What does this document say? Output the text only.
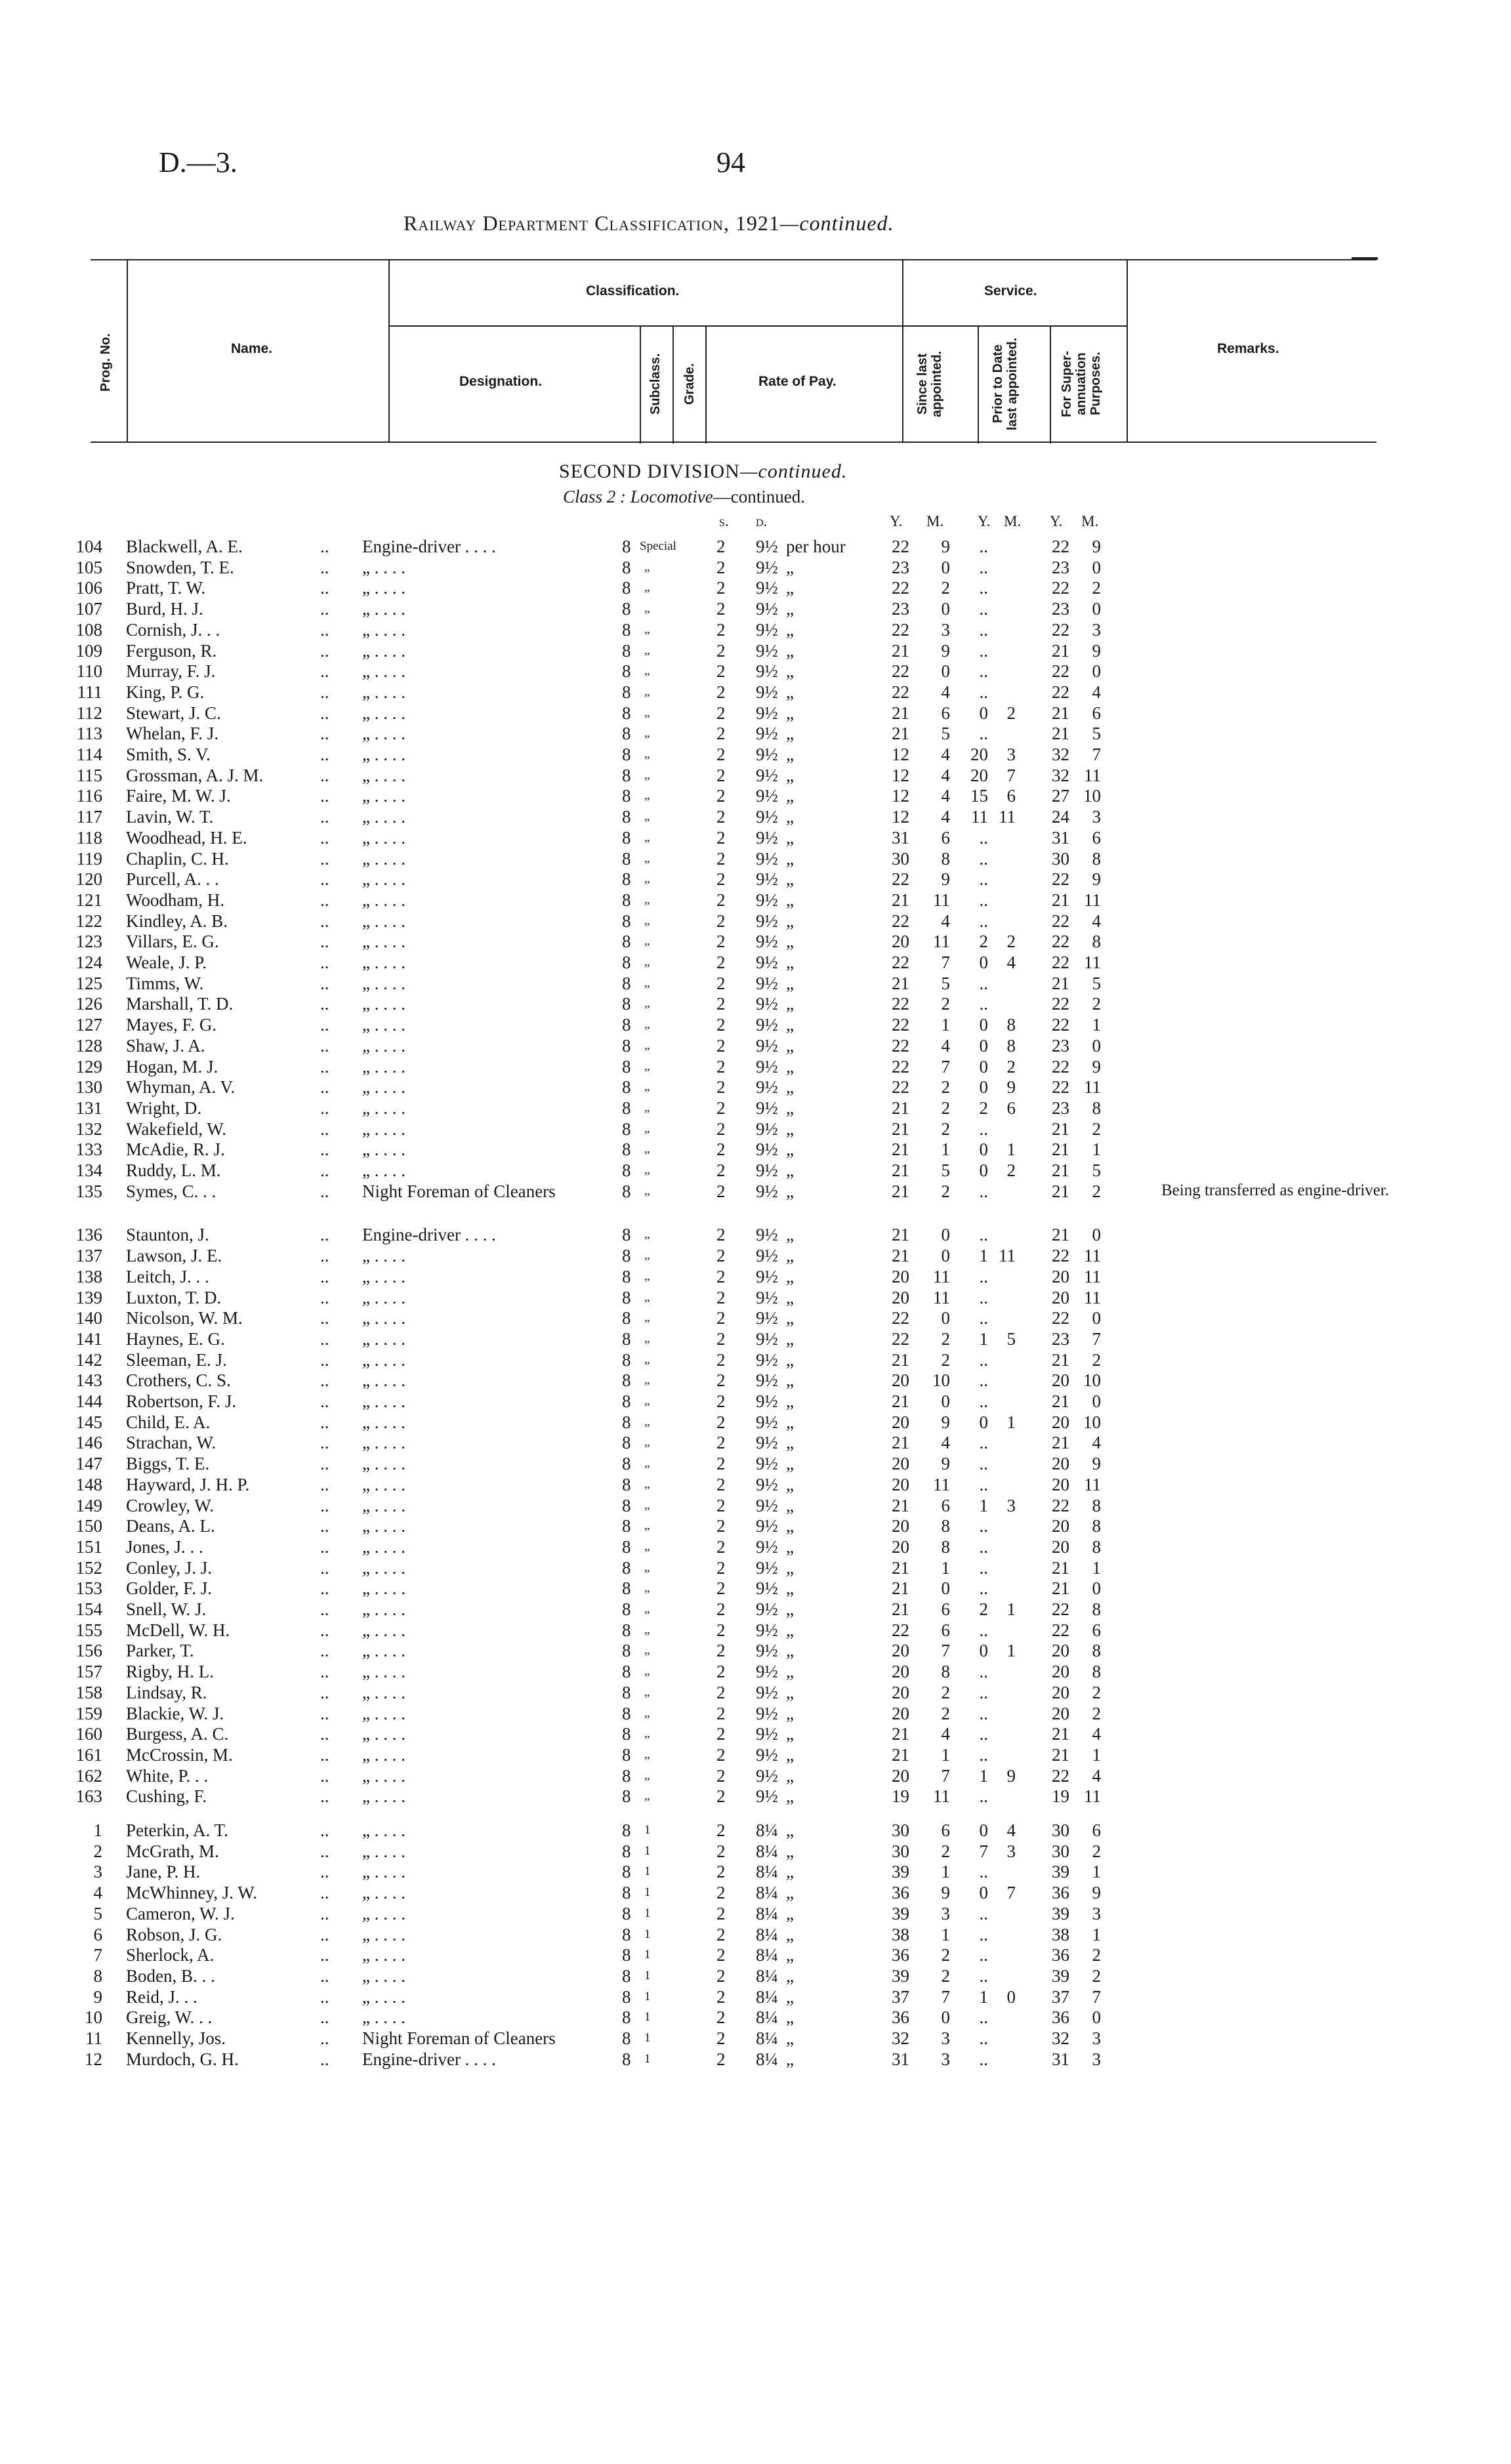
D.—3.	94
Railway Department Classification, 1921—continued.
Prog. No.	Name.
Classification.	Service.
Designation.	Subclass. Grade.	Rate of Pay.	Since last appointed.	Prior to Date last appointed.	For Super-annuation Purposes.
Remarks.
SECOND DIVISION—continued.
Class 2 : Locomotive—continued.
s. d.	Y. M. Y. M. Y. M.
104 Blackwell, A. E.	.. Engine-driver . . . .	8 Special 2 9½ per hour	22	9	..	22	9
105 Snowden, T. E.	.. „ . . . .	8 „	2 9½ „	23	0	..	23	0
106 Pratt, T. W.	.. „ . . . .	8 „	2 9½ „	22	2	..	22	2
107 Burd, H. J.	.. „ . . . .	8 „	2 9½ „	23	0	..	23	0
108 Cornish, J. . .	.. „ . . . .	8 „	2 9½ „	22	3	..	22	3
109 Ferguson, R.	.. „ . . . .	8 „	2 9½ „	21	9	..	21	9
110 Murray, F. J.	.. „ . . . .	8 „	2 9½ „	22	0	..	22	0
111 King, P. G.	.. „ . . . .	8 „	2 9½ „	22	4	..	22	4
112 Stewart, J. C.	.. „ . . . .	8 „	2 9½ „	21	6	0	2	21	6
113 Whelan, F. J.	.. „ . . . .	8 „	2 9½ „	21	5	..	21	5
114 Smith, S. V.	.. „ . . . .	8 „	2 9½ „	12	4	20	3	32	7
115 Grossman, A. J. M.	.. „ . . . .	8 „	2 9½ „	12	4	20	7	32 11
116 Faire, M. W. J.	.. „ . . . .	8 „	2 9½ „	12	4	15	6	27 10
117 Lavin, W. T.	.. „ . . . .	8 „	2 9½ „	12	4	11 11	24	3
118 Woodhead, H. E.	.. „ . . . .	8 „	2 9½ „	31	6	..	31	6
119 Chaplin, C. H.	.. „ . . . .	8 „	2 9½ „	30	8	..	30	8
120 Purcell, A. . .	.. „ . . . .	8 „	2 9½ „	22	9	..	22	9
121 Woodham, H.	.. „ . . . .	8 „	2 9½ „	21	11	..	21 11
122 Kindley, A. B.	.. „ . . . .	8 „	2 9½ „	22	4	..	22	4
123 Villars, E. G.	.. „ . . . .	8 „	2 9½ „	20	11	2	2	22	8
124 Weale, J. P.	.. „ . . . .	8 „	2 9½ „	22	7	0	4	22 11
125 Timms, W.	.. „ . . . .	8 „	2 9½ „	21	5	..	21	5
126 Marshall, T. D.	.. „ . . . .	8 „	2 9½ „	22	2	..	22	2
127 Mayes, F. G.	.. „ . . . .	8 „	2 9½ „	22	1	0	8	22	1
128 Shaw, J. A.	.. „ . . . .	8 „	2 9½ „	22	4	0	8	23	0
129 Hogan, M. J.	.. „ . . . .	8 „	2 9½ „	22	7	0	2	22	9
130 Whyman, A. V.	.. „ . . . .	8 „	2 9½ „	22	2	0	9	22 11
131 Wright, D.	.. „ . . . .	8 „	2 9½ „	21	2	2	6	23	8
132 Wakefield, W.	.. „ . . . .	8 „	2 9½ „	21	2	..	21	2
133 McAdie, R. J.	.. „ . . . .	8 „	2 9½ „	21	1	0	1	21	1
134 Ruddy, L. M.	.. „ . . . .	8 „	2 9½ „	21	5	0	2	21	5
135 Symes, C. . .	.. Night Foreman of Cleaners	8 „	2 9½ „	21	2	..	21	2	Being transferred as engine-driver.
136 Staunton, J.	.. Engine-driver . . . .	8 „	2 9½ „	21	0	..	21	0
137 Lawson, J. E.	.. „ . . . .	8 „	2 9½ „	21	0	1 11	22 11
138 Leitch, J. . .	.. „ . . . .	8 „	2 9½ „	20	11	..	20 11
139 Luxton, T. D.	.. „ . . . .	8 „	2 9½ „	20	11	..	20 11
140 Nicolson, W. M.	.. „ . . . .	8 „	2 9½ „	22	0	..	22	0
141 Haynes, E. G.	.. „ . . . .	8 „	2 9½ „	22	2	1	5	23	7
142 Sleeman, E. J.	.. „ . . . .	8 „	2 9½ „	21	2	..	21	2
143 Crothers, C. S.	.. „ . . . .	8 „	2 9½ „	20	10	..	20 10
144 Robertson, F. J.	.. „ . . . .	8 „	2 9½ „	21	0	..	21	0
145 Child, E. A.	.. „ . . . .	8 „	2 9½ „	20	9	0	1	20 10
146 Strachan, W.	.. „ . . . .	8 „	2 9½ „	21	4	..	21	4
147 Biggs, T. E.	.. „ . . . .	8 „	2 9½ „	20	9	..	20	9
148 Hayward, J. H. P.	.. „ . . . .	8 „	2 9½ „	20	11	..	20 11
149 Crowley, W.	.. „ . . . .	8 „	2 9½ „	21	6	1	3	22	8
150 Deans, A. L.	.. „ . . . .	8 „	2 9½ „	20	8	..	20	8
151 Jones, J. . .	.. „ . . . .	8 „	2 9½ „	20	8	..	20	8
152 Conley, J. J.	.. „ . . . .	8 „	2 9½ „	21	1	..	21	1
153 Golder, F. J.	.. „ . . . .	8 „	2 9½ „	21	0	..	21	0
154 Snell, W. J.	.. „ . . . .	8 „	2 9½ „	21	6	2	1	22	8
155 McDell, W. H.	.. „ . . . .	8 „	2 9½ „	22	6	..	22	6
156 Parker, T.	.. „ . . . .	8 „	2 9½ „	20	7	0	1	20	8
157 Rigby, H. L.	.. „ . . . .	8 „	2 9½ „	20	8	..	20	8
158 Lindsay, R.	.. „ . . . .	8 „	2 9½ „	20	2	..	20	2
159 Blackie, W. J.	.. „ . . . .	8 „	2 9½ „	20	2	..	20	2
160 Burgess, A. C.	.. „ . . . .	8 „	2 9½ „	21	4	..	21	4
161 McCrossin, M.	.. „ . . . .	8 „	2 9½ „	21	1	..	21	1
162 White, P. . .	.. „ . . . .	8 „	2 9½ „	20	7	1	9	22	4
163 Cushing, F.	.. „ . . . .	8 „	2 9½ „	19	11	..	19 11
1 Peterkin, A. T.	.. „ . . . .	8 1	2 8¼ „	30	6	0	4	30	6
2 McGrath, M.	.. „ . . . .	8 1	2 8¼ „	30	2	7	3	30	2
3 Jane, P. H.	.. „ . . . .	8 1	2 8¼ „	39	1	..	39	1
4 McWhinney, J. W.	.. „ . . . .	8 1	2 8¼ „	36	9	0	7	36	9
5 Cameron, W. J.	.. „ . . . .	8 1	2 8¼ „	39	3	..	39	3
6 Robson, J. G.	.. „ . . . .	8 1	2 8¼ „	38	1	..	38	1
7 Sherlock, A.	.. „ . . . .	8 1	2 8¼ „	36	2	..	36	2
8 Boden, B. . .	.. „ . . . .	8 1	2 8¼ „	39	2	..	39	2
9 Reid, J. . .	.. „ . . . .	8 1	2 8¼ „	37	7	1	0	37	7
10 Greig, W. . .	.. „ . . . .	8 1	2 8¼ „	36	0	..	36	0
11 Kennelly, Jos.	.. Night Foreman of Cleaners	8 1	2 8¼ „	32	3	..	32	3
12 Murdoch, G. H.	.. Engine-driver . . . .	8 1	2 8¼ „	31	3	..	31	3
